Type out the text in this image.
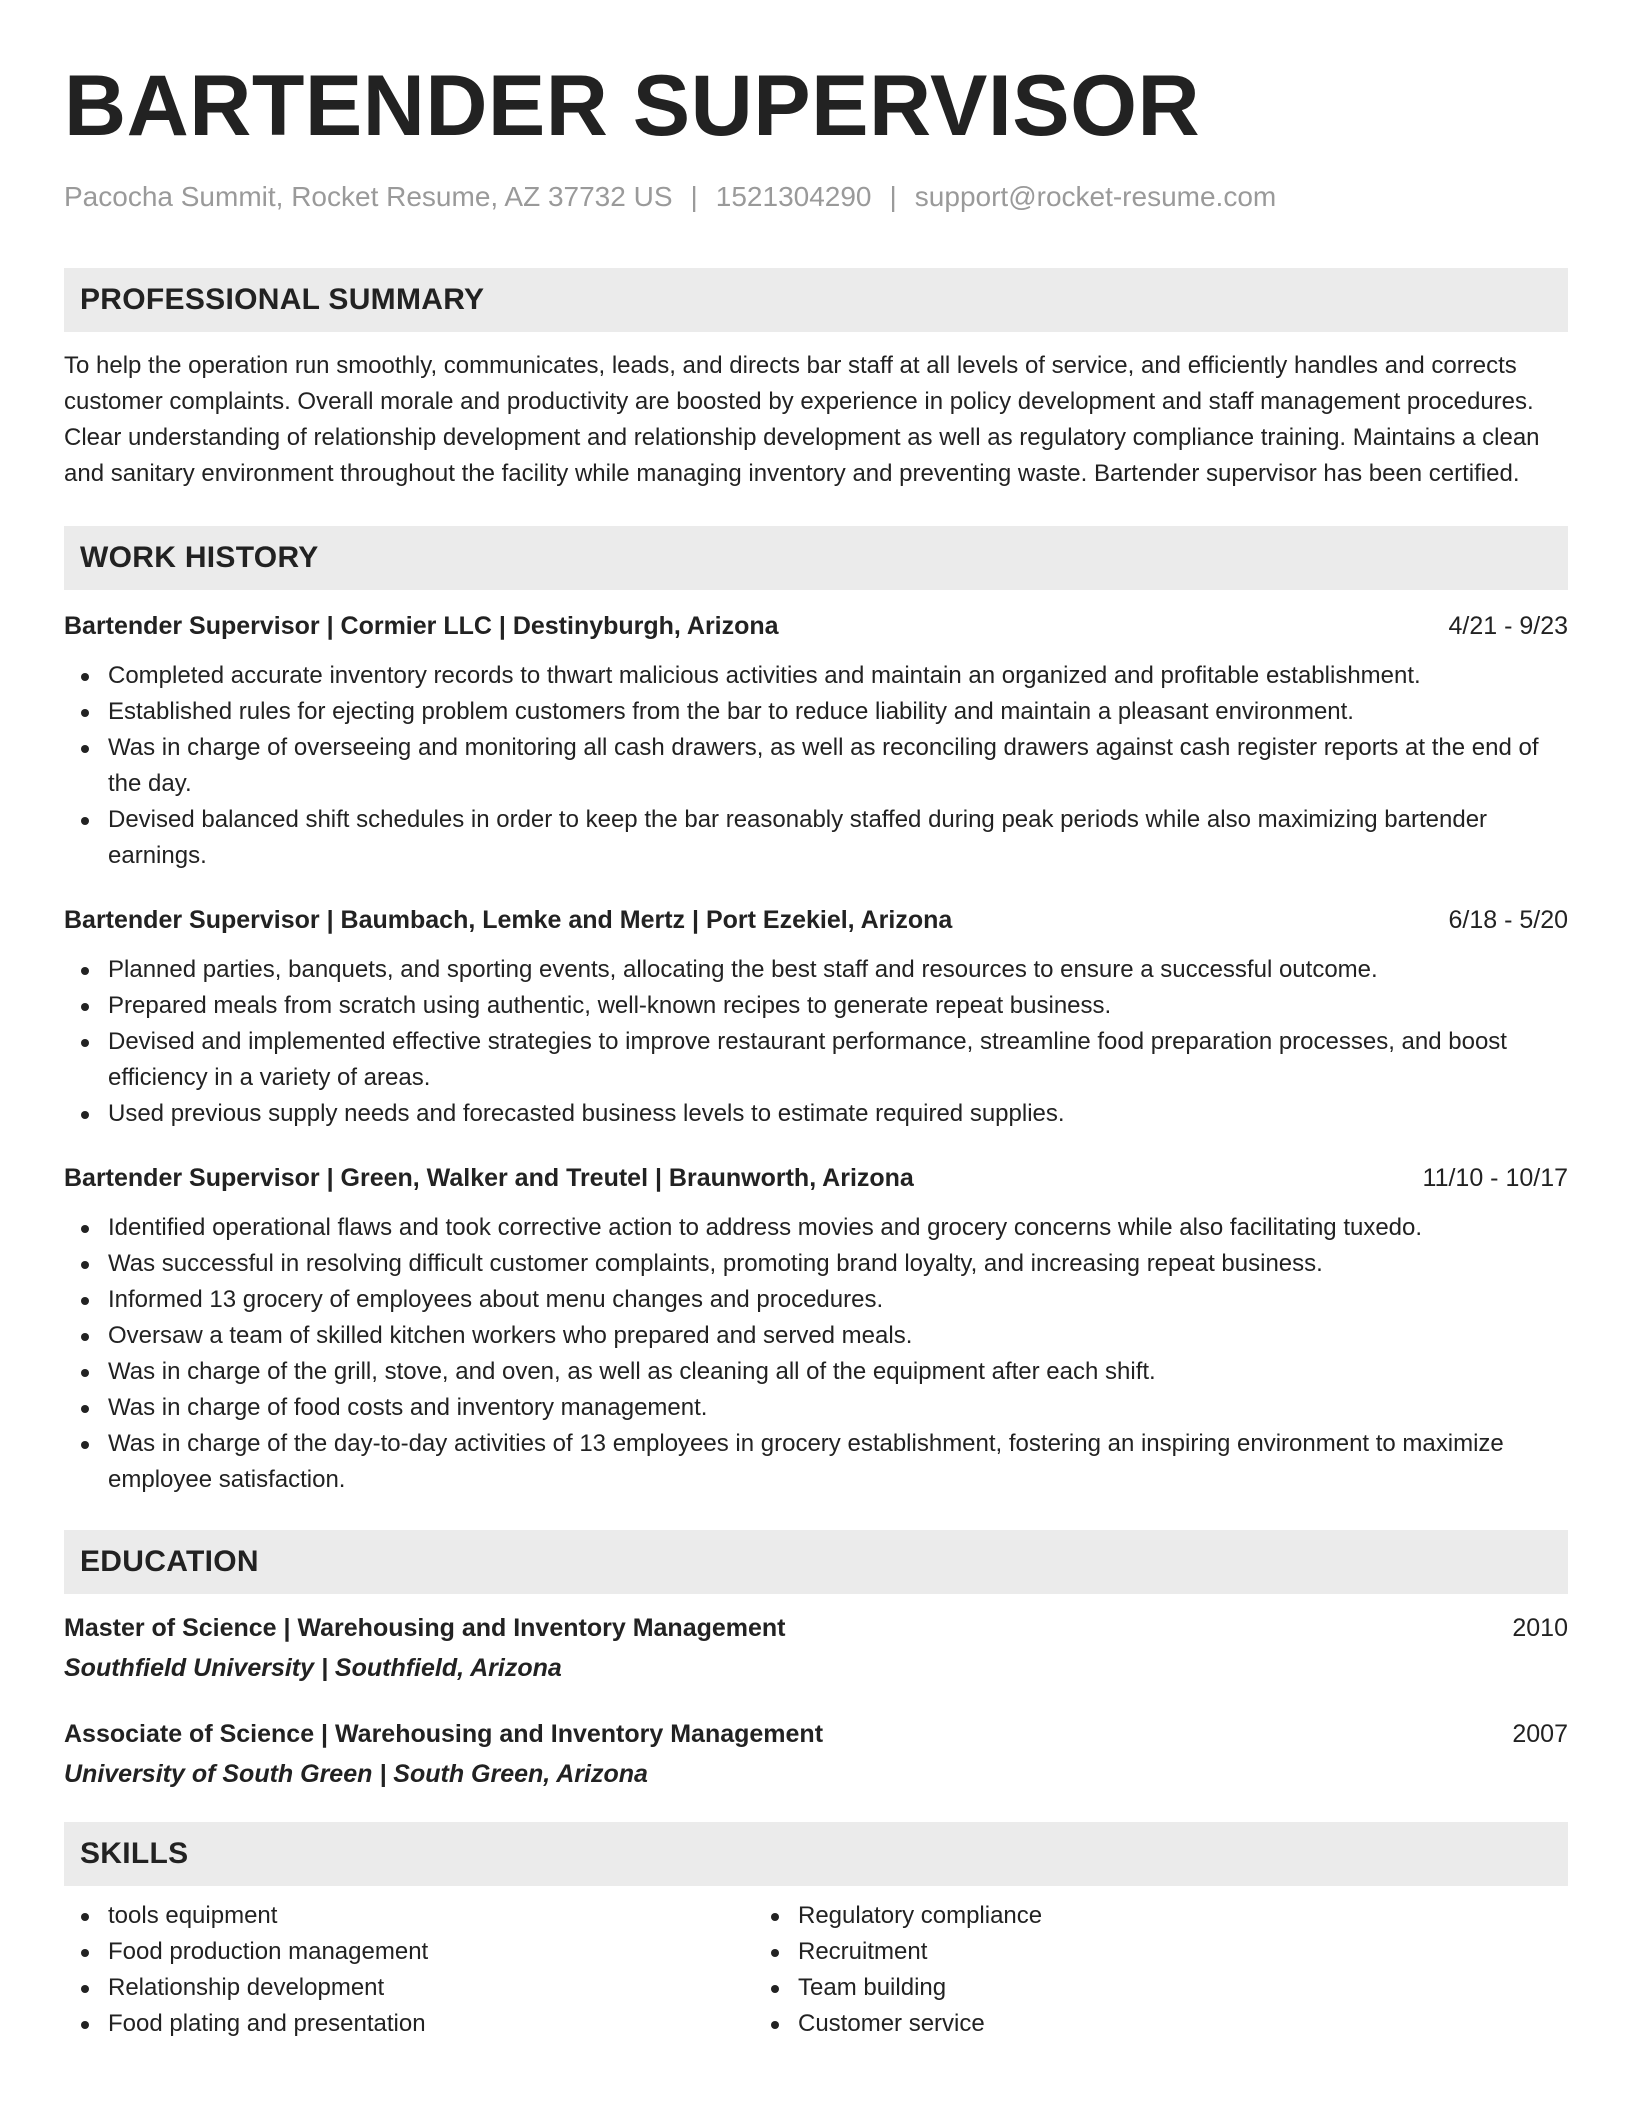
BARTENDER SUPERVISOR
Pacocha Summit, Rocket Resume, AZ 37732 US | 1521304290 | support@rocket-resume.com
PROFESSIONAL SUMMARY
To help the operation run smoothly, communicates, leads, and directs bar staff at all levels of service, and efficiently handles and corrects customer complaints. Overall morale and productivity are boosted by experience in policy development and staff management procedures. Clear understanding of relationship development and relationship development as well as regulatory compliance training. Maintains a clean and sanitary environment throughout the facility while managing inventory and preventing waste. Bartender supervisor has been certified.
WORK HISTORY
Bartender Supervisor | Cormier LLC | Destinyburgh, Arizona	4/21 - 9/23
Completed accurate inventory records to thwart malicious activities and maintain an organized and profitable establishment.
Established rules for ejecting problem customers from the bar to reduce liability and maintain a pleasant environment.
Was in charge of overseeing and monitoring all cash drawers, as well as reconciling drawers against cash register reports at the end of the day.
Devised balanced shift schedules in order to keep the bar reasonably staffed during peak periods while also maximizing bartender earnings.
Bartender Supervisor | Baumbach, Lemke and Mertz | Port Ezekiel, Arizona	6/18 - 5/20
Planned parties, banquets, and sporting events, allocating the best staff and resources to ensure a successful outcome.
Prepared meals from scratch using authentic, well-known recipes to generate repeat business.
Devised and implemented effective strategies to improve restaurant performance, streamline food preparation processes, and boost efficiency in a variety of areas.
Used previous supply needs and forecasted business levels to estimate required supplies.
Bartender Supervisor | Green, Walker and Treutel | Braunworth, Arizona	11/10 - 10/17
Identified operational flaws and took corrective action to address movies and grocery concerns while also facilitating tuxedo.
Was successful in resolving difficult customer complaints, promoting brand loyalty, and increasing repeat business.
Informed 13 grocery of employees about menu changes and procedures.
Oversaw a team of skilled kitchen workers who prepared and served meals.
Was in charge of the grill, stove, and oven, as well as cleaning all of the equipment after each shift.
Was in charge of food costs and inventory management.
Was in charge of the day-to-day activities of 13 employees in grocery establishment, fostering an inspiring environment to maximize employee satisfaction.
EDUCATION
Master of Science | Warehousing and Inventory Management	2010
Southfield University | Southfield, Arizona
Associate of Science | Warehousing and Inventory Management	2007
University of South Green | South Green, Arizona
SKILLS
tools equipment
Food production management
Relationship development
Food plating and presentation
Regulatory compliance
Recruitment
Team building
Customer service
